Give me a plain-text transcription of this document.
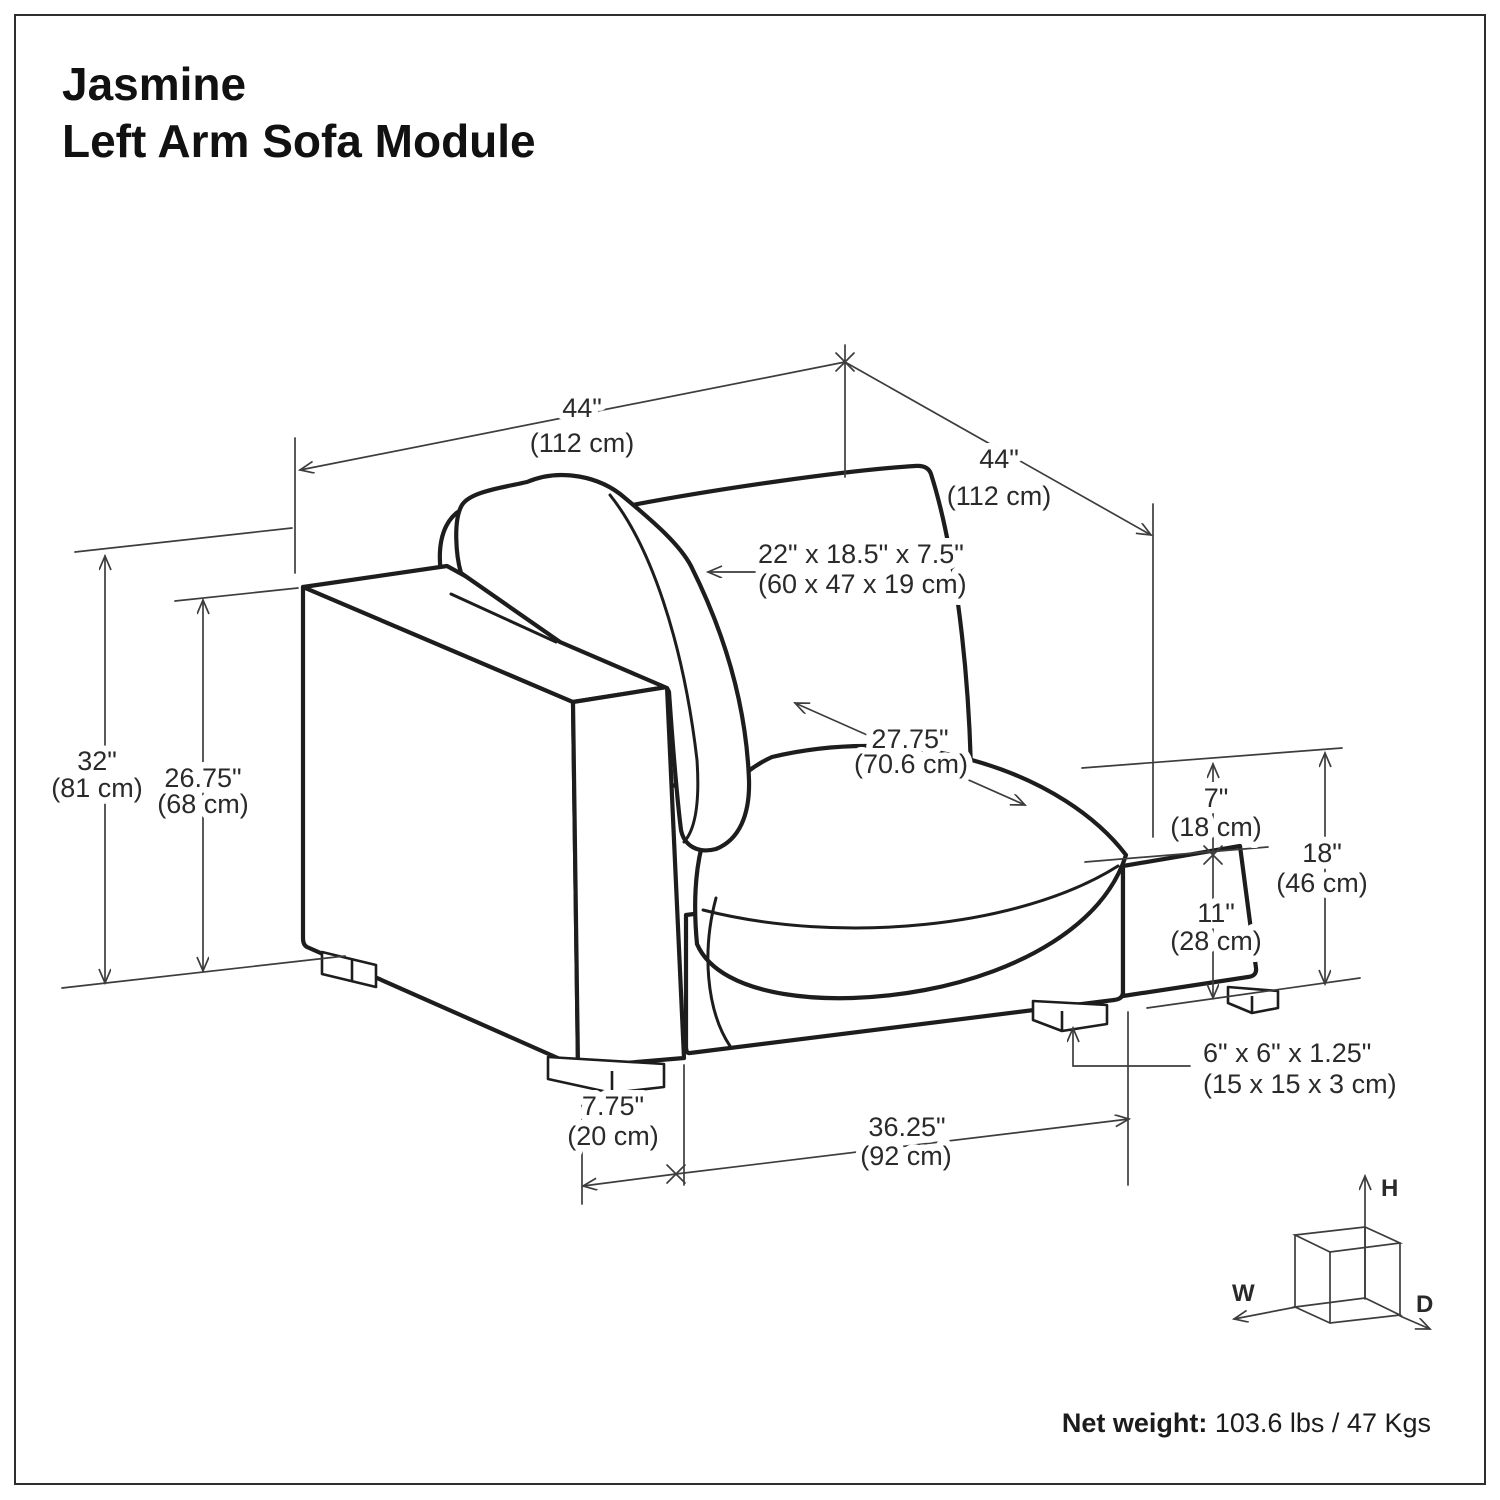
Jasmine
Left Arm Sofa Module
44"
(112 cm)
44"
(112 cm)
22" x 18.5" x 7.5"
(60 x 47 x 19 cm)
27.75"
(70.6 cm)
32"
(81 cm) 26.75"
(68 cm)	7"
(18 cm)
11"
(28 cm)
18"
(46 cm)
6" x 6" x 1.25"
(15 x 15 x 3 cm)
7.75"
(20 cm)	36.25"
(92 cm)
H
W	D
Net weight: 103.6 lbs / 47 Kgs
